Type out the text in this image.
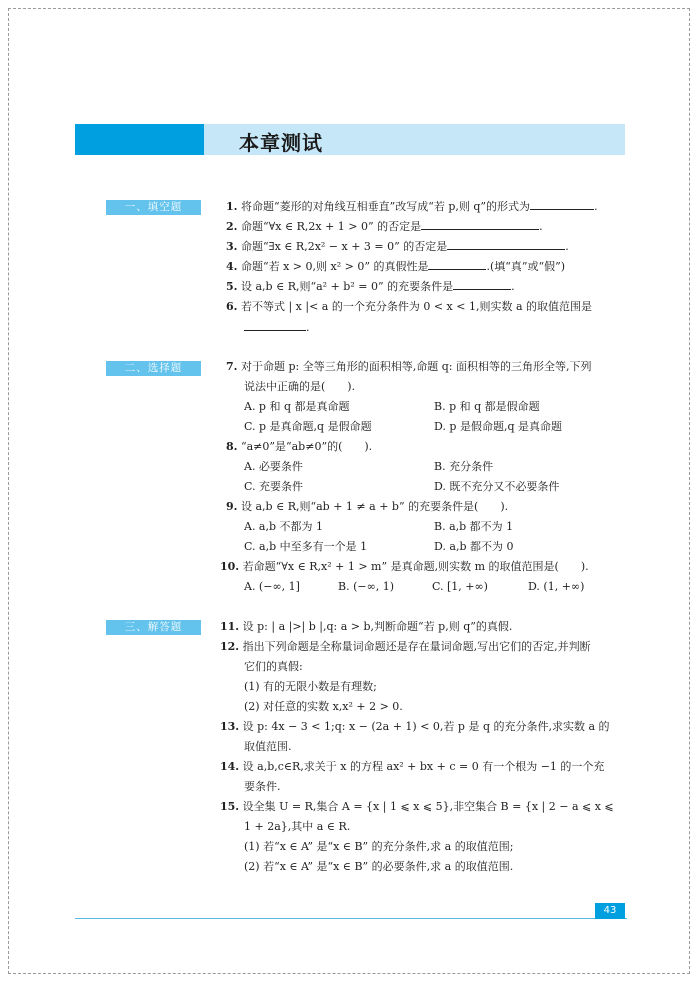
本章测试
一、填空题	1. 将命题“菱形的对角线互相垂直”改写成“若 p,则 q”的形式为	.
2. 命题“∀x ∈ R,2x + 1 > 0” 的否定是	.
3. 命题“∃x ∈ R,2x² − x + 3 = 0” 的否定是	.
4. 命题“若 x > 0,则 x² > 0” 的真假性是	.(填“真”或“假”)
5. 设 a,b ∈ R,则“a² + b² = 0” 的充要条件是	.
6. 若不等式 | x |< a 的一个充分条件为 0 < x < 1,则实数 a 的取值范围是
.
二、选择题	7. 对于命题 p: 全等三角形的面积相等,命题 q: 面积相等的三角形全等,下列
说法中正确的是(　　).
A. p 和 q 都是真命题	B. p 和 q 都是假命题
C. p 是真命题,q 是假命题	D. p 是假命题,q 是真命题
8. “a≠0”是“ab≠0”的(　　).
A. 必要条件	B. 充分条件
C. 充要条件	D. 既不充分又不必要条件
9. 设 a,b ∈ R,则“ab + 1 ≠ a + b” 的充要条件是(　　).
A. a,b 不都为 1	B. a,b 都不为 1
C. a,b 中至多有一个是 1	D. a,b 都不为 0
10. 若命题“∀x ∈ R,x² + 1 > m” 是真命题,则实数 m 的取值范围是(　　).
A. (−∞, 1]	B. (−∞, 1)	C. [1, +∞)	D. (1, +∞)
三、解答题	11. 设 p: | a |>| b |,q: a > b,判断命题“若 p,则 q”的真假.
12. 指出下列命题是全称量词命题还是存在量词命题,写出它们的否定,并判断
它们的真假:
(1) 有的无限小数是有理数;
(2) 对任意的实数 x,x² + 2 > 0.
13. 设 p: 4x − 3 < 1;q: x − (2a + 1) < 0,若 p 是 q 的充分条件,求实数 a 的
取值范围.
14. 设 a,b,c∈R,求关于 x 的方程 ax² + bx + c = 0 有一个根为 −1 的一个充
要条件.
15. 设全集 U = R,集合 A = {x | 1 ⩽ x ⩽ 5},非空集合 B = {x | 2 − a ⩽ x ⩽
1 + 2a},其中 a ∈ R.
(1) 若“x ∈ A” 是“x ∈ B” 的充分条件,求 a 的取值范围;
(2) 若“x ∈ A” 是“x ∈ B” 的必要条件,求 a 的取值范围.
43
